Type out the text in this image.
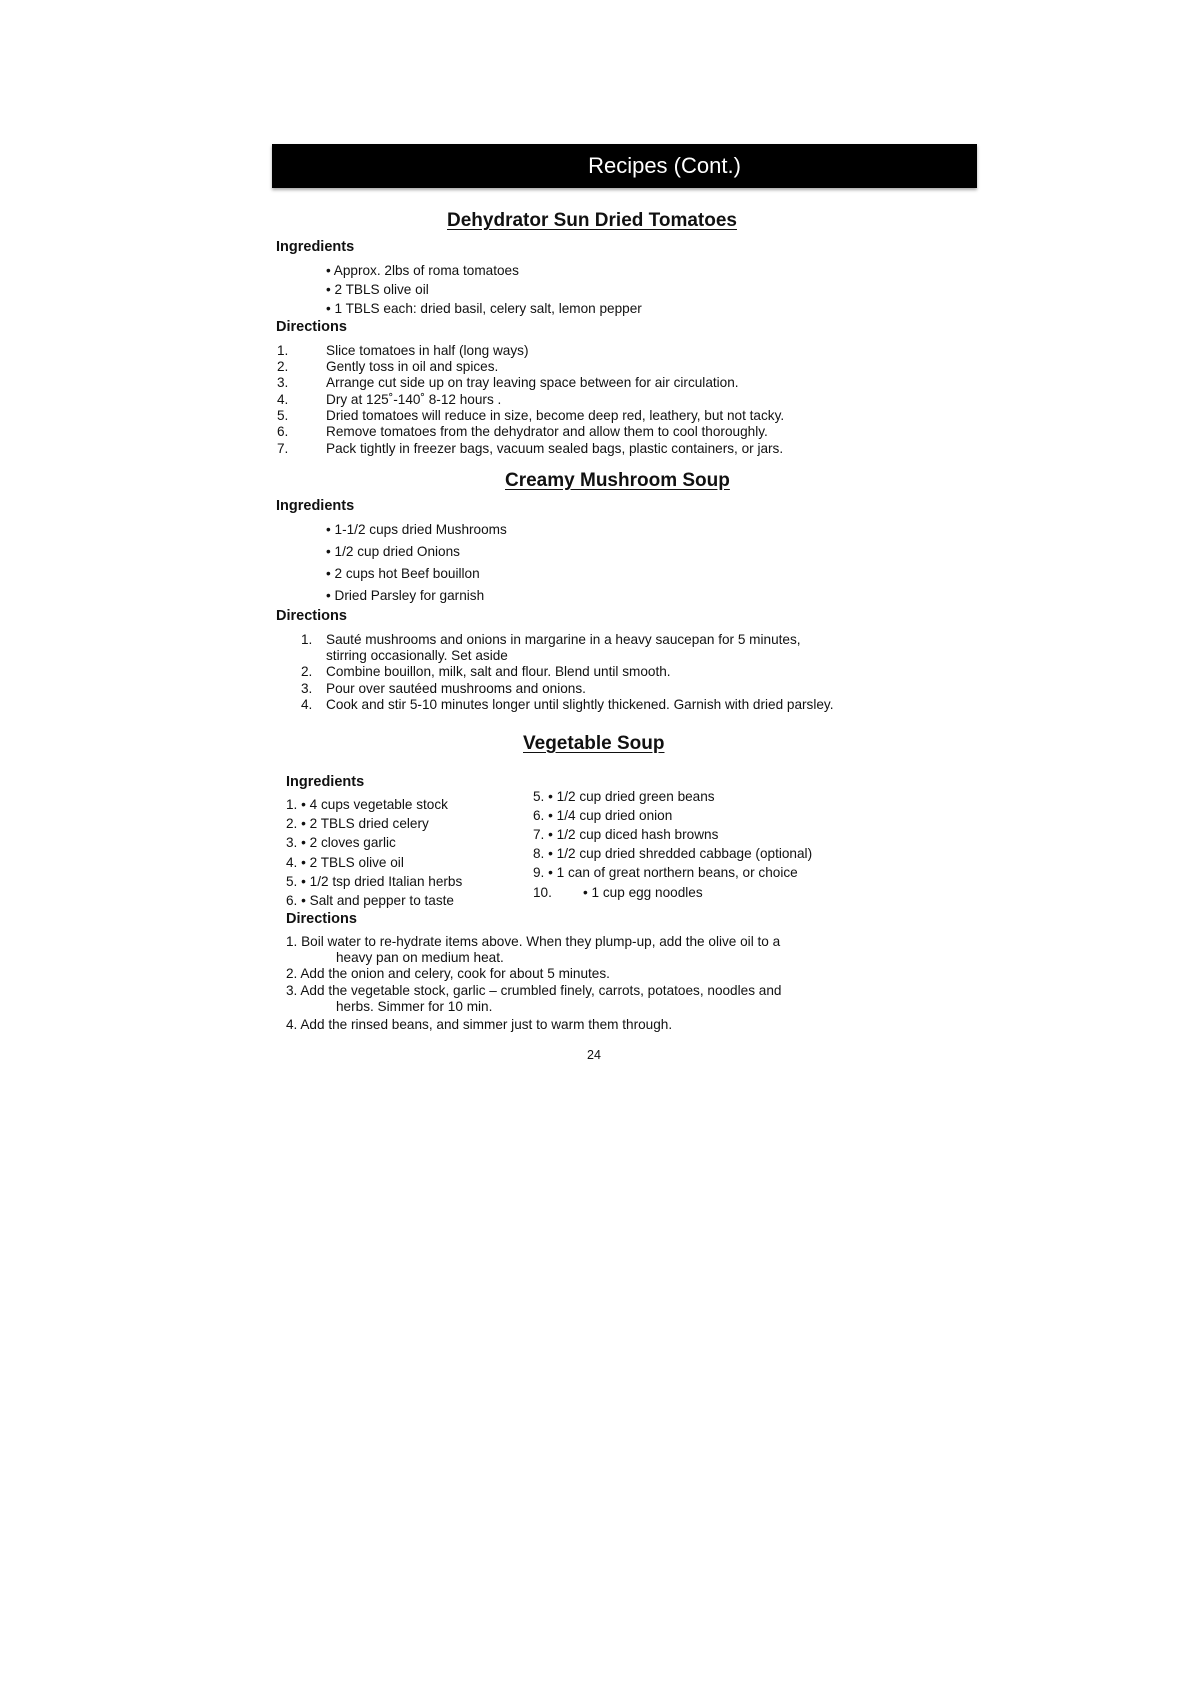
Recipes (Cont.)
Dehydrator Sun Dried Tomatoes
Ingredients
• Approx. 2lbs of roma tomatoes
• 2 TBLS olive oil
• 1 TBLS each: dried basil, celery salt, lemon pepper
Directions
1.	Slice tomatoes in half (long ways)
2.	Gently toss in oil and spices.
3.	Arrange cut side up on tray leaving space between for air circulation.
4.	Dry at 125˚-140˚ 8-12 hours .
5.	Dried tomatoes will reduce in size, become deep red, leathery, but not tacky.
6.	Remove tomatoes from the dehydrator and allow them to cool thoroughly.
7.	Pack tightly in freezer bags, vacuum sealed bags, plastic containers, or jars.
Creamy Mushroom Soup
Ingredients
• 1-1/2 cups dried Mushrooms
• 1/2 cup dried Onions
• 2 cups hot Beef bouillon
• Dried Parsley for garnish
Directions
1. Sauté mushrooms and onions in margarine in a heavy saucepan for 5 minutes,
stirring occasionally. Set aside
2. Combine bouillon, milk, salt and flour. Blend until smooth.
3. Pour over sautéed mushrooms and onions.
4. Cook and stir 5-10 minutes longer until slightly thickened. Garnish with dried parsley.
Vegetable Soup
Ingredients
1. • 4 cups vegetable stock
2. • 2 TBLS dried celery
3. • 2 cloves garlic
4. • 2 TBLS olive oil
5. • 1/2 tsp dried Italian herbs
6. • Salt and pepper to taste
5. • 1/2 cup dried green beans
6. • 1/4 cup dried onion
7. • 1/2 cup diced hash browns
8. • 1/2 cup dried shredded cabbage (optional)
9. • 1 can of great northern beans, or choice
10. • 1 cup egg noodles
Directions
1. Boil water to re-hydrate items above. When they plump-up, add the olive oil to a
heavy pan on medium heat.
2. Add the onion and celery, cook for about 5 minutes.
3. Add the vegetable stock, garlic – crumbled finely, carrots, potatoes, noodles and
herbs. Simmer for 10 min.
4. Add the rinsed beans, and simmer just to warm them through.
24
